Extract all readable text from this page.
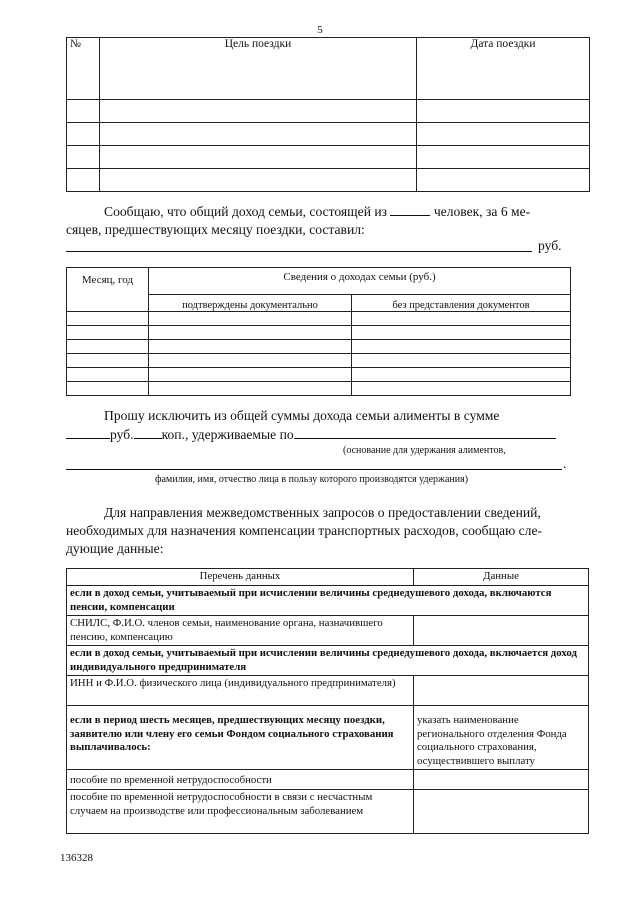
5
№	Цель поездки	Дата поездки

Сообщаю, что общий доход семьи, состоящей из	человек, за 6 ме-
сяцев, предшествующих месяцу поездки, составил:
руб.
Месяц, год	Сведения о доходах семьи (руб.)	
	подтверждены документально	без представления документов

Прошу исключить из общей суммы дохода семьи алименты в сумме
руб. коп., удерживаемые по
(основание для удержания алиментов,
.
фамилия, имя, отчество лица в пользу которого производятся удержания)
Для направления межведомственных запросов о предоставлении сведений,
необходимых для назначения компенсации транспортных расходов, сообщаю сле-
дующие данные:
Перечень данных	Данные
если в доход семьи, учитываемый при исчислении величины среднедушевого дохода, включаются пенсии, компенсации	
СНИЛС, Ф.И.О. членов семьи, наименование органа, назначившего пенсию, компенсацию	
если в доход семьи, учитываемый при исчислении величины среднедушевого дохода, включается доход индивидуального предпринимателя	
ИНН и Ф.И.О. физического лица (индивидуального предпринимателя)	
если в период шесть месяцев, предшествующих месяцу поездки, заявителю или члену его семьи Фондом социального страхования выплачивалось:	указать наименование регионального отделения Фонда социального страхования, осуществившего выплату
пособие по временной нетрудоспособности	
пособие по временной нетрудоспособности в связи с несчастным случаем на производстве или профессиональным заболеванием	
136328
